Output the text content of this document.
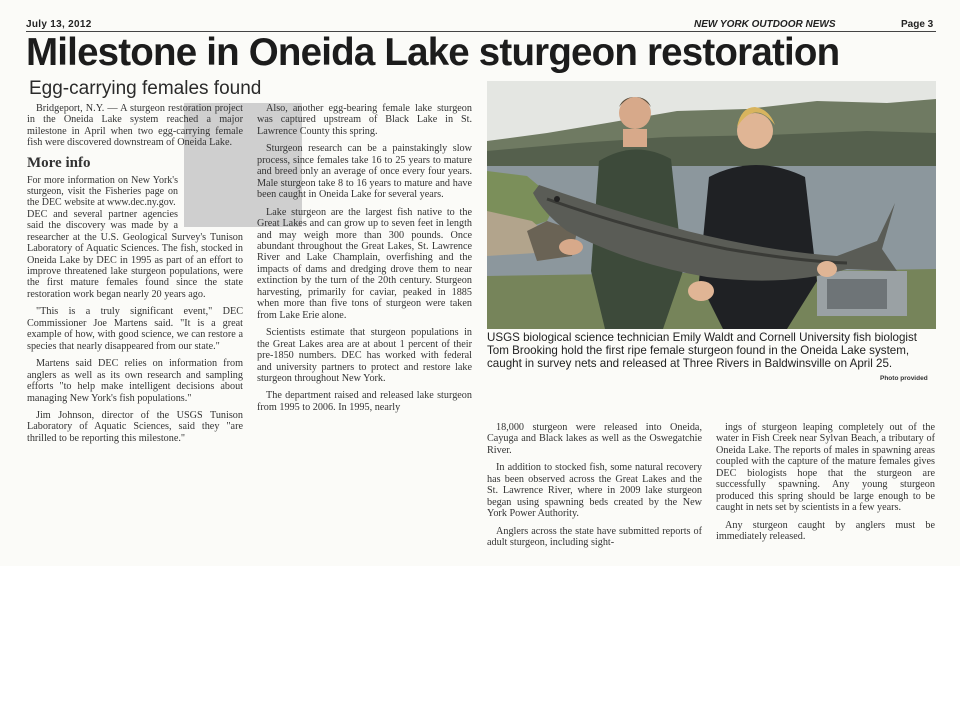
July 13, 2012	NEW YORK OUTDOOR NEWS	Page 3
Milestone in Oneida Lake sturgeon restoration
Egg-carrying females found

Bridgeport, N.Y. — A sturgeon restoration project in the Oneida Lake system reached a major milestone in April when two egg-carrying female fish were discovered downstream of Oneida Lake.

More info
For more information on New York's sturgeon, visit the Fisheries page on the DEC website at www.dec.ny.gov.
DEC and several partner agencies said the discovery was made by a researcher at the U.S. Geological Survey's Tunison Laboratory of Aquatic Sciences. The fish, stocked in Oneida Lake by DEC in 1995 as part of an effort to improve threatened lake sturgeon populations, were the first mature females found since the state restoration work began nearly 20 years ago.

"This is a truly significant event," DEC Commissioner Joe Martens said. "It is a great example of how, with good science, we can restore a species that nearly disappeared from our state."

Martens said DEC relies on information from anglers as well as its own research and sampling efforts "to help make intelligent decisions about managing New York's fish populations."

Jim Johnson, director of the USGS Tunison Laboratory of Aquatic Sciences, said they "are thrilled to be reporting this milestone."

Also, another egg-bearing female lake sturgeon was captured upstream of Black Lake in St. Lawrence County this spring.

Sturgeon research can be a painstakingly slow process, since females take 16 to 25 years to mature and breed only an average of once every four years. Male sturgeon take 8 to 16 years to mature and have been caught in Oneida Lake for several years.

Lake sturgeon are the largest fish native to the Great Lakes and can grow up to seven feet in length and may weigh more than 300 pounds. Once abundant throughout the Great Lakes, St. Lawrence River and Lake Champlain, overfishing and the impacts of dams and dredging drove them to near extinction by the turn of the 20th century. Sturgeon harvesting, primarily for caviar, peaked in 1885 when more than five tons of sturgeon were taken from Lake Erie alone.

Scientists estimate that sturgeon populations in the Great Lakes area are at about 1 percent of their pre-1850 numbers. DEC has worked with federal and university partners to protect and restore lake sturgeon throughout New York.

The department raised and released lake sturgeon from 1995 to 2006. In 1995, nearly

USGS biological science technician Emily Waldt and Cornell University fish biologist Tom Brooking hold the first ripe female sturgeon found in the Oneida Lake system, caught in survey nets and released at Three Rivers in Baldwinsville on April 25.
Photo provided

18,000 sturgeon were released into Oneida, Cayuga and Black lakes as well as the Oswegatchie River.

In addition to stocked fish, some natural recovery has been observed across the Great Lakes and the St. Lawrence River, where in 2009 lake sturgeon began using spawning beds created by the New York Power Authority.

Anglers across the state have submitted reports of adult sturgeon, including sight-

ings of sturgeon leaping completely out of the water in Fish Creek near Sylvan Beach, a tributary of Oneida Lake. The reports of males in spawning areas coupled with the capture of the mature females gives DEC biologists hope that the sturgeon are successfully spawning. Any young sturgeon produced this spring should be large enough to be caught in nets set by scientists in a few years.

Any sturgeon caught by anglers must be immediately released.
